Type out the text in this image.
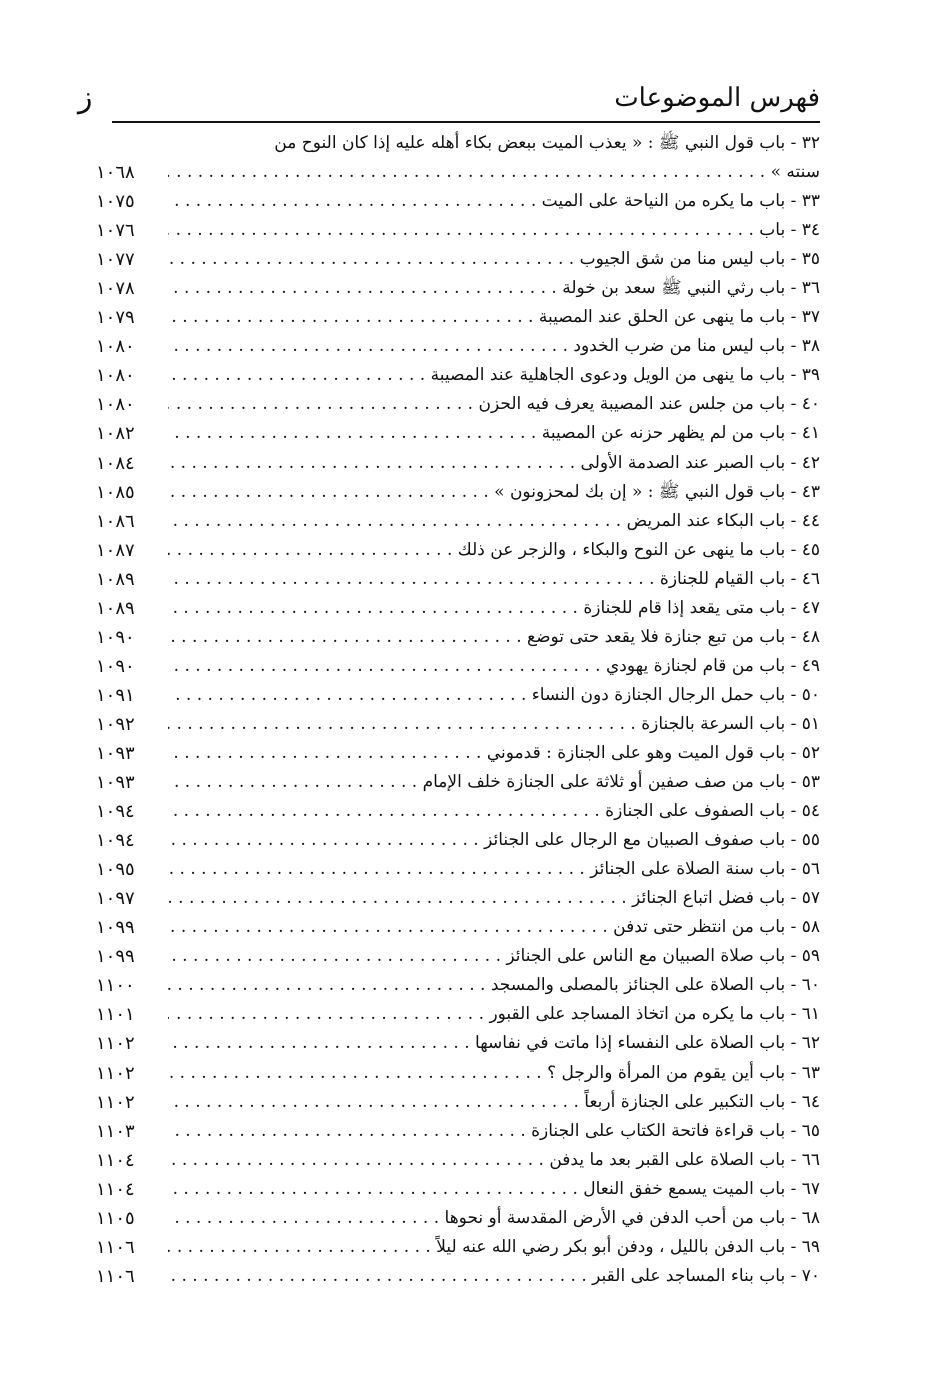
فهرس الموضوعات
ز
٣٢ - باب قول النبي ﷺ : « يعذب الميت ببعض بكاء أهله عليه إذا كان النوح من
سنته » . . .
١٠٦٨
٣٣ - باب ما يكره من النياحة على الميت . . .
١٠٧٥
٣٤ - باب . . .
١٠٧٦
٣٥ - باب ليس منا من شق الجيوب . . .
١٠٧٧
٣٦ - باب رثي النبي ﷺ سعد بن خولة . . .
١٠٧٨
٣٧ - باب ما ينهى عن الحلق عند المصيبة . . .
١٠٧٩
٣٨ - باب ليس منا من ضرب الخدود . . .
١٠٨٠
٣٩ - باب ما ينهى من الويل ودعوى الجاهلية عند المصيبة . . .
١٠٨٠
٤٠ - باب من جلس عند المصيبة يعرف فيه الحزن . . .
١٠٨٠
٤١ - باب من لم يظهر حزنه عن المصيبة . . .
١٠٨٢
٤٢ - باب الصبر عند الصدمة الأولى . . .
١٠٨٤
٤٣ - باب قول النبي ﷺ : « إن بك لمحزونون » . . .
١٠٨٥
٤٤ - باب البكاء عند المريض . . .
١٠٨٦
٤٥ - باب ما ينهى عن النوح والبكاء ، والزجر عن ذلك . . .
١٠٨٧
٤٦ - باب القيام للجنازة . . .
١٠٨٩
٤٧ - باب متى يقعد إذا قام للجنازة . . .
١٠٨٩
٤٨ - باب من تبع جنازة فلا يقعد حتى توضع . . .
١٠٩٠
٤٩ - باب من قام لجنازة يهودي . . .
١٠٩٠
٥٠ - باب حمل الرجال الجنازة دون النساء . . .
١٠٩١
٥١ - باب السرعة بالجنازة . . .
١٠٩٢
٥٢ - باب قول الميت وهو على الجنازة : قدموني . . .
١٠٩٣
٥٣ - باب من صف صفين أو ثلاثة على الجنازة خلف الإمام . . .
١٠٩٣
٥٤ - باب الصفوف على الجنازة . . .
١٠٩٤
٥٥ - باب صفوف الصبيان مع الرجال على الجنائز . . .
١٠٩٤
٥٦ - باب سنة الصلاة على الجنائز . . .
١٠٩٥
٥٧ - باب فضل اتباع الجنائز . . .
١٠٩٧
٥٨ - باب من انتظر حتى تدفن . . .
١٠٩٩
٥٩ - باب صلاة الصبيان مع الناس على الجنائز . . .
١٠٩٩
٦٠ - باب الصلاة على الجنائز بالمصلى والمسجد . . .
١١٠٠
٦١ - باب ما يكره من اتخاذ المساجد على القبور . . .
١١٠١
٦٢ - باب الصلاة على النفساء إذا ماتت في نفاسها . . .
١١٠٢
٦٣ - باب أين يقوم من المرأة والرجل ؟ . . .
١١٠٢
٦٤ - باب التكبير على الجنازة أربعاً . . .
١١٠٢
٦٥ - باب قراءة فاتحة الكتاب على الجنازة . . .
١١٠٣
٦٦ - باب الصلاة على القبر بعد ما يدفن . . .
١١٠٤
٦٧ - باب الميت يسمع خفق النعال . . .
١١٠٤
٦٨ - باب من أحب الدفن في الأرض المقدسة أو نحوها . . .
١١٠٥
٦٩ - باب الدفن بالليل ، ودفن أبو بكر رضي الله عنه ليلاً . . .
١١٠٦
٧٠ - باب بناء المساجد على القبر . . .
١١٠٦
